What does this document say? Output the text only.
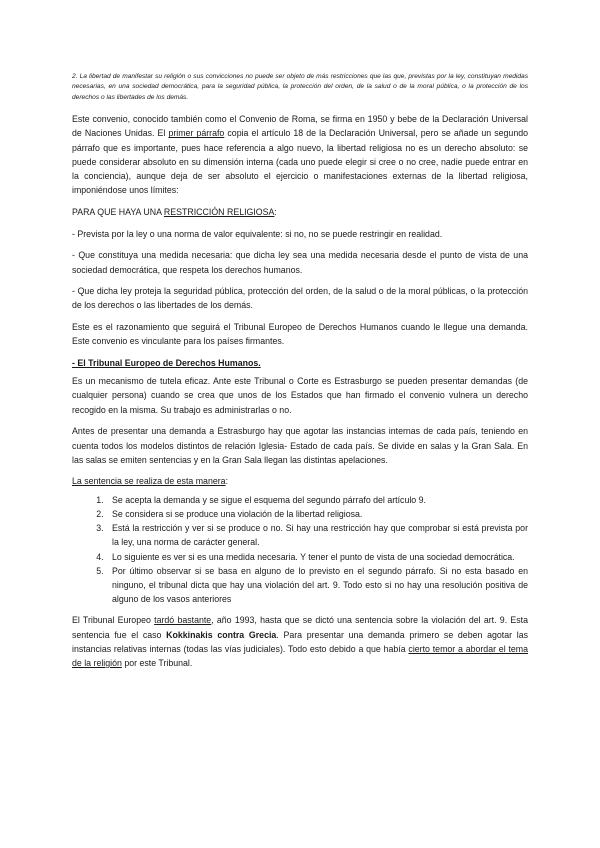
2. La libertad de manifestar su religión o sus convicciones no puede ser objeto de más restricciones que las que, previstas por la ley, constituyan medidas necesarias, en una sociedad democrática, para la seguridad pública, la protección del orden, de la salud o de la moral pública, o la protección de los derechos o las libertades de los demás.

Este convenio, conocido también como el Convenio de Roma, se firma en 1950 y bebe de la Declaración Universal de Naciones Unidas. El primer párrafo copia el artículo 18 de la Declaración Universal, pero se añade un segundo párrafo que es importante, pues hace referencia a algo nuevo, la libertad religiosa no es un derecho absoluto: se puede considerar absoluto en su dimensión interna (cada uno puede elegir si cree o no cree, nadie puede entrar en la conciencia), aunque deja de ser absoluto el ejercicio o manifestaciones externas de la libertad religiosa, imponiéndose unos límites:

PARA QUE HAYA UNA RESTRICCIÓN RELIGIOSA:

- Prevista por la ley o una norma de valor equivalente: si no, no se puede restringir en realidad.

- Que constituya una medida necesaria: que dicha ley sea una medida necesaria desde el punto de vista de una sociedad democrática, que respeta los derechos humanos.

- Que dicha ley proteja la seguridad pública, protección del orden, de la salud o de la moral públicas, o la protección de los derechos o las libertades de los demás.

Este es el razonamiento que seguirá el Tribunal Europeo de Derechos Humanos cuando le llegue una demanda. Este convenio es vinculante para los países firmantes.

- El Tribunal Europeo de Derechos Humanos.

Es un mecanismo de tutela eficaz. Ante este Tribunal o Corte es Estrasburgo se pueden presentar demandas (de cualquier persona) cuando se crea que unos de los Estados que han firmado el convenio vulnera un derecho recogido en la misma. Su trabajo es administrarlas o no.

Antes de presentar una demanda a Estrasburgo hay que agotar las instancias internas de cada país, teniendo en cuenta todos los modelos distintos de relación Iglesia- Estado de cada país. Se divide en salas y la Gran Sala. En las salas se emiten sentencias y en la Gran Sala llegan las distintas apelaciones.

La sentencia se realiza de esta manera:

1. Se acepta la demanda y se sigue el esquema del segundo párrafo del artículo 9.
2. Se considera si se produce una violación de la libertad religiosa.
3. Está la restricción y ver si se produce o no. Si hay una restricción hay que comprobar si está prevista por la ley, una norma de carácter general.
4. Lo siguiente es ver si es una medida necesaria. Y tener el punto de vista de una sociedad democrática.
5. Por último observar si se basa en alguno de lo previsto en el segundo párrafo. Si no esta basado en ninguno, el tribunal dicta que hay una violación del art. 9. Todo esto si no hay una resolución positiva de alguno de los vasos anteriores

El Tribunal Europeo tardó bastante, año 1993, hasta que se dictó una sentencia sobre la violación del art. 9. Esta sentencia fue el caso Kokkinakis contra Grecia. Para presentar una demanda primero se deben agotar las instancias relativas internas (todas las vías judiciales). Todo esto debido a que había cierto temor a abordar el tema de la religión por este Tribunal.
